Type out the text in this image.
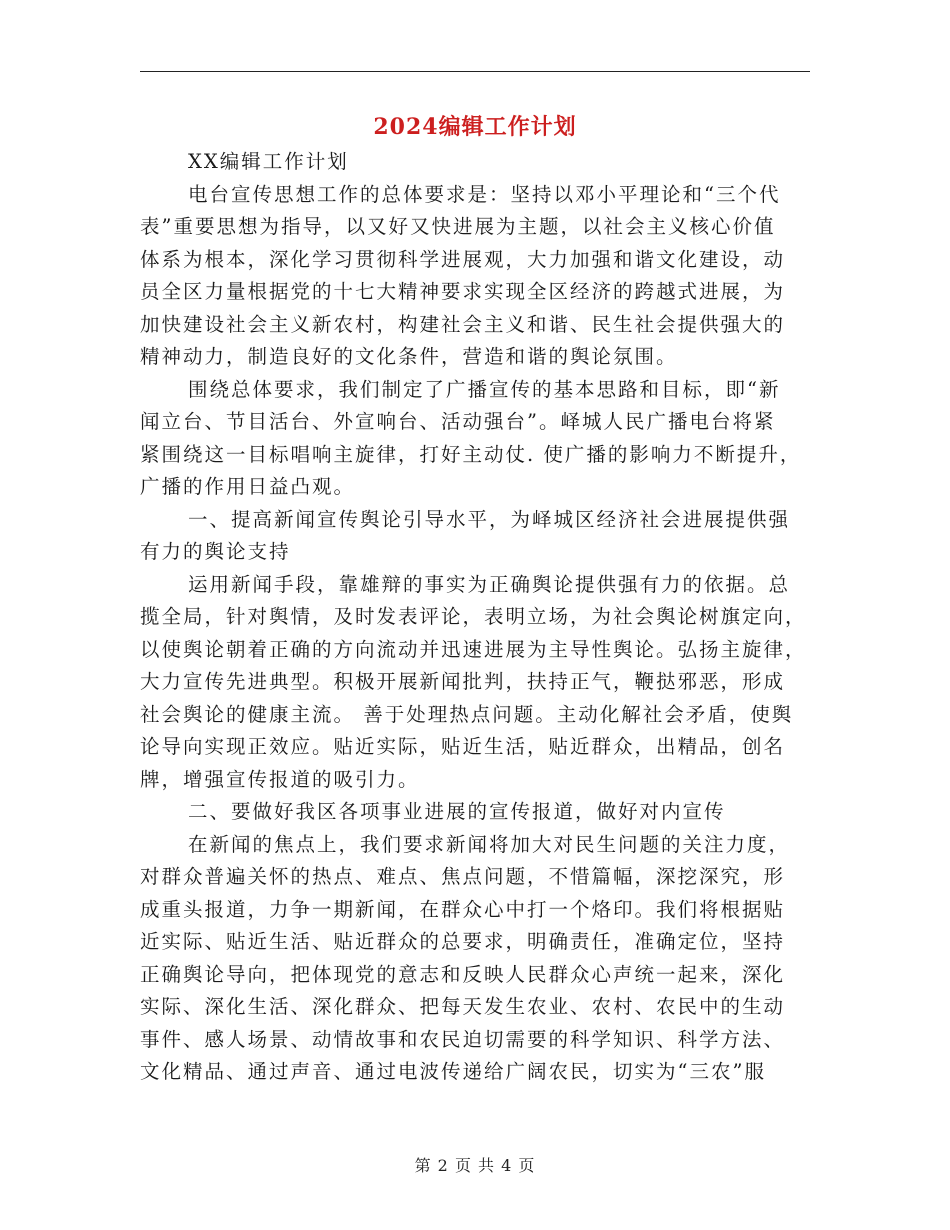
2024编辑工作计划
XX编辑工作计划
电台宣传思想工作的总体要求是：坚持以邓小平理论和“三个代
表”重要思想为指导，以又好又快进展为主题，以社会主义核心价值
体系为根本，深化学习贯彻科学进展观，大力加强和谐文化建设，动
员全区力量根据党的十七大精神要求实现全区经济的跨越式进展，为
加快建设社会主义新农村，构建社会主义和谐、民生社会提供强大的
精神动力，制造良好的文化条件，营造和谐的舆论氛围。
围绕总体要求，我们制定了广播宣传的基本思路和目标，即“新
闻立台、节目活台、外宣响台、活动强台”。峄城人民广播电台将紧
紧围绕这一目标唱响主旋律，打好主动仗. 使广播的影响力不断提升，
广播的作用日益凸观。
一、提高新闻宣传舆论引导水平，为峄城区经济社会进展提供强
有力的舆论支持
运用新闻手段，靠雄辩的事实为正确舆论提供强有力的依据。总
揽全局，针对舆情，及时发表评论，表明立场，为社会舆论树旗定向，
以使舆论朝着正确的方向流动并迅速进展为主导性舆论。弘扬主旋律，
大力宣传先进典型。积极开展新闻批判，扶持正气，鞭挞邪恶，形成
社会舆论的健康主流。 善于处理热点问题。主动化解社会矛盾，使舆
论导向实现正效应。贴近实际，贴近生活，贴近群众，出精品，创名
牌，增强宣传报道的吸引力。
二、要做好我区各项事业进展的宣传报道，做好对内宣传
在新闻的焦点上，我们要求新闻将加大对民生问题的关注力度，
对群众普遍关怀的热点、难点、焦点问题，不惜篇幅，深挖深究，形
成重头报道，力争一期新闻，在群众心中打一个烙印。我们将根据贴
近实际、贴近生活、贴近群众的总要求，明确责任，准确定位，坚持
正确舆论导向，把体现党的意志和反映人民群众心声统一起来，深化
实际、深化生活、深化群众、把每天发生农业、农村、农民中的生动
事件、感人场景、动情故事和农民迫切需要的科学知识、科学方法、
文化精品、通过声音、通过电波传递给广阔农民，切实为“三农”服
第 2 页 共 4 页
